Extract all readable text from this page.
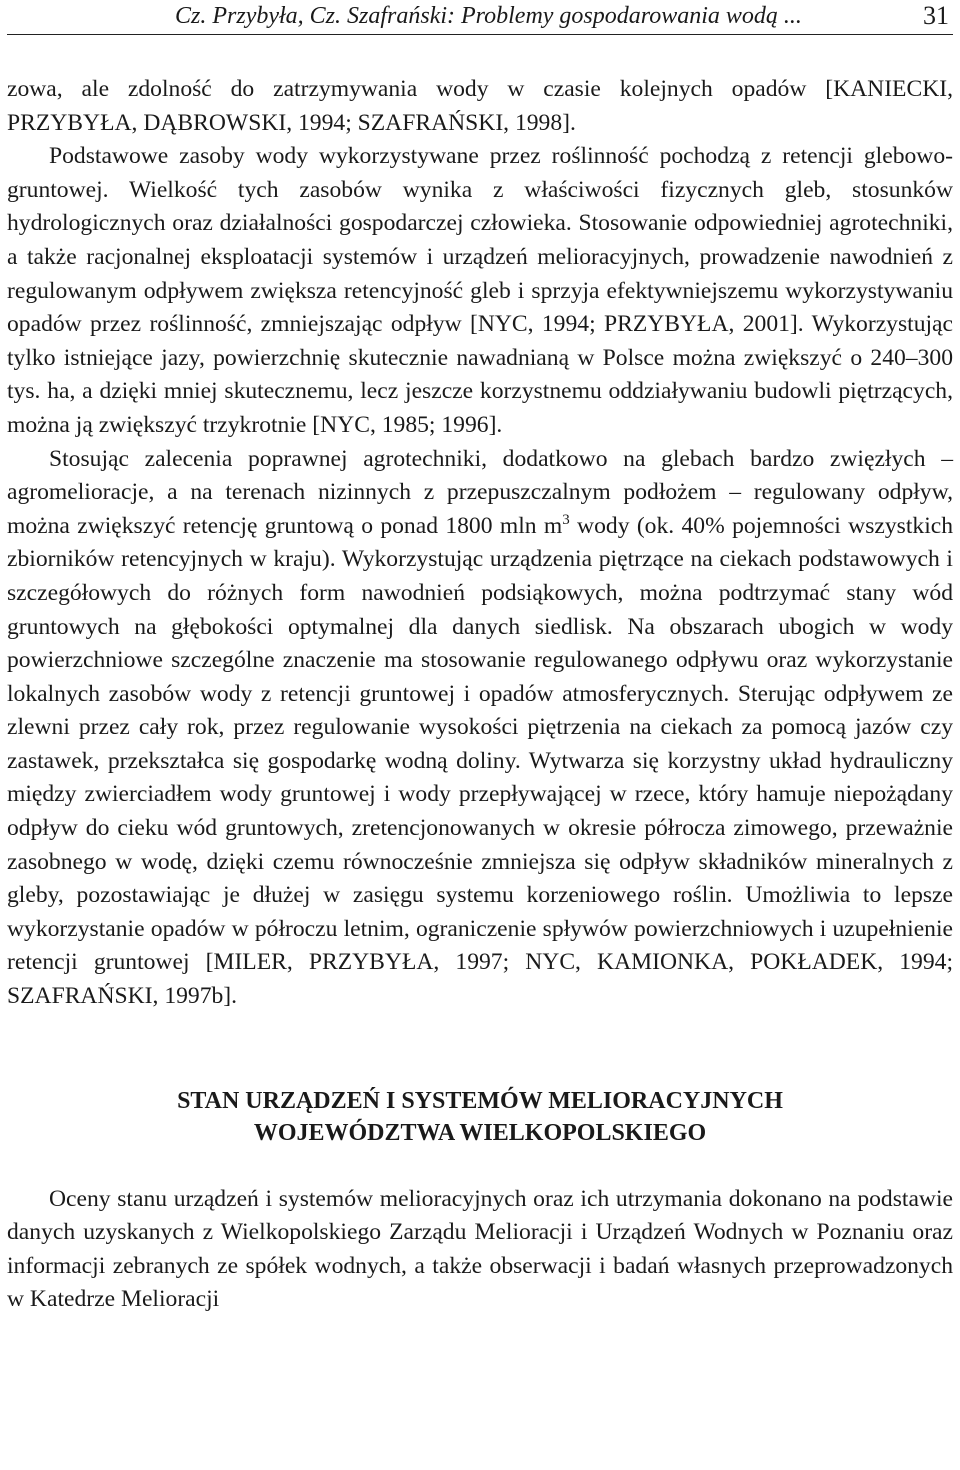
Cz. Przybyła, Cz. Szafrański: Problemy gospodarowania wodą ...	31

zowa, ale zdolność do zatrzymywania wody w czasie kolejnych opadów [KANIECKI, PRZYBYŁA, DĄBROWSKI, 1994; SZAFRAŃSKI, 1998].

Podstawowe zasoby wody wykorzystywane przez roślinność pochodzą z retencji glebowo-gruntowej. Wielkość tych zasobów wynika z właściwości fizycznych gleb, stosunków hydrologicznych oraz działalności gospodarczej człowieka. Stosowanie odpowiedniej agrotechniki, a także racjonalnej eksploatacji systemów i urządzeń melioracyjnych, prowadzenie nawodnień z regulowanym odpływem zwiększa retencyjność gleb i sprzyja efektywniejszemu wykorzystywaniu opadów przez roślinność, zmniejszając odpływ [NYC, 1994; PRZYBYŁA, 2001]. Wykorzystując tylko istniejące jazy, powierzchnię skutecznie nawadnianą w Polsce można zwiększyć o 240–300 tys. ha, a dzięki mniej skutecznemu, lecz jeszcze korzystnemu oddziaływaniu budowli piętrzących, można ją zwiększyć trzykrotnie [NYC, 1985; 1996].

Stosując zalecenia poprawnej agrotechniki, dodatkowo na glebach bardzo zwięzłych – agromelioracje, a na terenach nizinnych z przepuszczalnym podłożem – regulowany odpływ, można zwiększyć retencję gruntową o ponad 1800 mln $m^3$ wody (ok. 40% pojemności wszystkich zbiorników retencyjnych w kraju). Wykorzystując urządzenia piętrzące na ciekach podstawowych i szczegółowych do różnych form nawodnień podsiąkowych, można podtrzymać stany wód gruntowych na głębokości optymalnej dla danych siedlisk. Na obszarach ubogich w wody powierzchniowe szczególne znaczenie ma stosowanie regulowanego odpływu oraz wykorzystanie lokalnych zasobów wody z retencji gruntowej i opadów atmosferycznych. Sterując odpływem ze zlewni przez cały rok, przez regulowanie wysokości piętrzenia na ciekach za pomocą jazów czy zastawek, przekształca się gospodarkę wodną doliny. Wytwarza się korzystny układ hydrauliczny między zwierciadłem wody gruntowej i wody przepływającej w rzece, który hamuje niepożądany odpływ do cieku wód gruntowych, zretencjonowanych w okresie półrocza zimowego, przeważnie zasobnego w wodę, dzięki czemu równocześnie zmniejsza się odpływ składników mineralnych z gleby, pozostawiając je dłużej w zasięgu systemu korzeniowego roślin. Umożliwia to lepsze wykorzystanie opadów w półroczu letnim, ograniczenie spływów powierzchniowych i uzupełnienie retencji gruntowej [MILER, PRZYBYŁA, 1997; NYC, KAMIONKA, POKŁADEK, 1994; SZAFRAŃSKI, 1997b].

STAN URZĄDZEŃ I SYSTEMÓW MELIORACYJNYCH
WOJEWÓDZTWA WIELKOPOLSKIEGO

Oceny stanu urządzeń i systemów melioracyjnych oraz ich utrzymania dokonano na podstawie danych uzyskanych z Wielkopolskiego Zarządu Melioracji i Urządzeń Wodnych w Poznaniu oraz informacji zebranych ze spółek wodnych, a także obserwacji i badań własnych przeprowadzonych w Katedrze Melioracji
